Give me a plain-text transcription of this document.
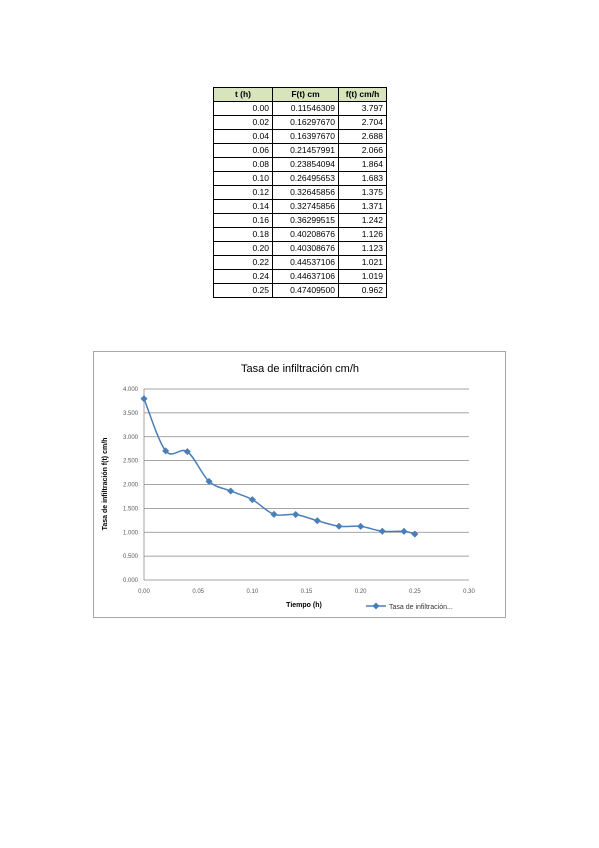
t (h)	F(t) cm	f(t) cm/h
0.00	0.11546309	3.797
0.02	0.16297670	2.704
0.04	0.16397670	2.688
0.06	0.21457991	2.066
0.08	0.23854094	1.864
0.10	0.26495653	1.683
0.12	0.32645856	1.375
0.14	0.32745856	1.371
0.16	0.36299515	1.242
0.18	0.40208676	1.126
0.20	0.40308676	1.123
0.22	0.44537106	1.021
0.24	0.44637106	1.019
0.25	0.47409500	0.962
Tasa de infiltración cm/h
0.000
0.500
1.000
1.500
2.000
2.500
3.000
3.500
4.000
0.00	0.05	0.10	0.15	0.20	0.25	0.30
Tiempo (h)
Tasa de infiltración f(t) cm/h
Tasa de infiltración...
